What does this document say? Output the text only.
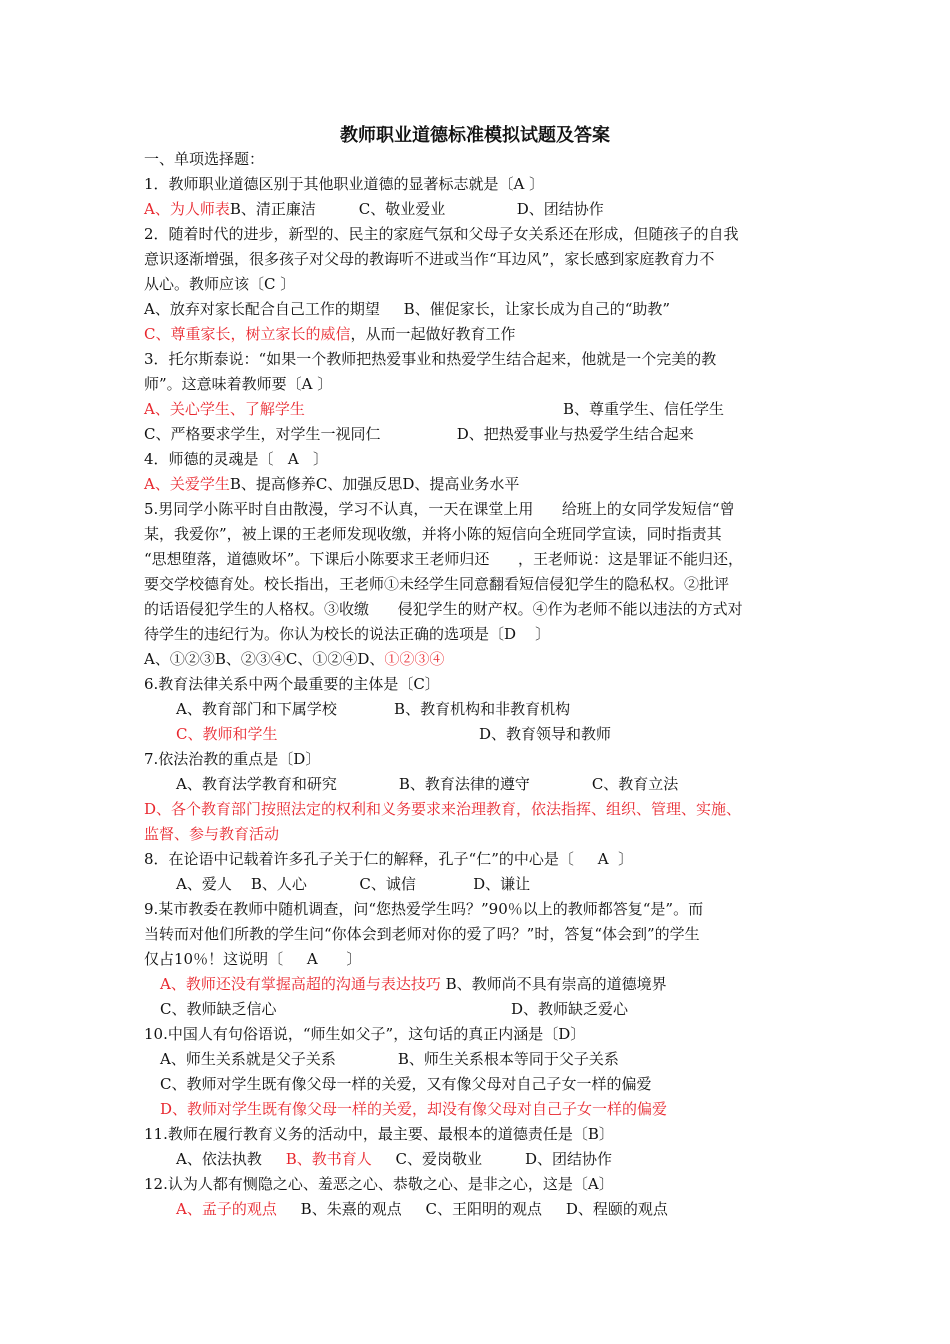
教师职业道德标准模拟试题及答案
一、单项选择题：
1．教师职业道德区别于其他职业道德的显著标志就是〔A 〕
A、为人师表B、清正廉洁         C、敬业爱业               D、团结协作
2．随着时代的进步，新型的、民主的家庭气氛和父母子女关系还在形成，但随孩子的自我
意识逐渐增强，很多孩子对父母的教诲听不进或当作“耳边风”，家长感到家庭教育力不
从心。教师应该〔C 〕
A、放弃对家长配合自己工作的期望     B、催促家长，让家长成为自己的“助教”
C、尊重家长，树立家长的威信，从而一起做好教育工作
3．托尔斯泰说：“如果一个教师把热爱事业和热爱学生结合起来，他就是一个完美的教
师”。这意味着教师要〔A 〕
A、关心学生、了解学生	B、尊重学生、信任学生
C、严格要求学生，对学生一视同仁                D、把热爱事业与热爱学生结合起来
4．师德的灵魂是〔   A   〕
A、关爱学生B、提高修养C、加强反思D、提高业务水平
5.男同学小陈平时自由散漫，学习不认真，一天在课堂上用      给班上的女同学发短信“曾
某，我爱你”，被上课的王老师发现收缴，并将小陈的短信向全班同学宣读，同时指责其
“思想堕落，道德败坏”。下课后小陈要求王老师归还      ，王老师说：这是罪证不能归还，
要交学校德育处。校长指出，王老师①未经学生同意翻看短信侵犯学生的隐私权。②批评
的话语侵犯学生的人格权。③收缴      侵犯学生的财产权。④作为老师不能以违法的方式对
待学生的违纪行为。你认为校长的说法正确的选项是〔D    〕
A、①②③B、②③④C、①②④D、①②③④
6.教育法律关系中两个最重要的主体是〔C〕
A、教育部门和下属学校            B、教育机构和非教育机构
C、教师和学生	D、教育领导和教师
7.依法治教的重点是〔D〕
A、教育法学教育和研究             B、教育法律的遵守             C、教育立法
D、各个教育部门按照法定的权利和义务要求来治理教育，依法指挥、组织、管理、实施、
监督、参与教育活动
8．在论语中记载着许多孔子关于仁的解释，孔子“仁”的中心是〔     A  〕
A、爱人    B、人心           C、诚信            D、谦让
9.某市教委在教师中随机调查，问“您热爱学生吗？”90％以上的教师都答复“是”。而
当转而对他们所教的学生问“你体会到老师对你的爱了吗？”时，答复“体会到”的学生
仅占10％！这说明〔     A      〕
A、教师还没有掌握高超的沟通与表达技巧 B、教师尚不具有崇高的道德境界
C、教师缺乏信心	D、教师缺乏爱心
10.中国人有句俗语说，“师生如父子”，这句话的真正内涵是〔D〕
A、师生关系就是父子关系             B、师生关系根本等同于父子关系
C、教师对学生既有像父母一样的关爱，又有像父母对自己子女一样的偏爱
D、教师对学生既有像父母一样的关爱，却没有像父母对自己子女一样的偏爱
11.教师在履行教育义务的活动中，最主要、最根本的道德责任是〔B〕
A、依法执教     B、教书育人     C、爱岗敬业         D、团结协作
12.认为人都有恻隐之心、羞恶之心、恭敬之心、是非之心，这是〔A〕
A、孟子的观点     B、朱熹的观点     C、王阳明的观点     D、程颐的观点
